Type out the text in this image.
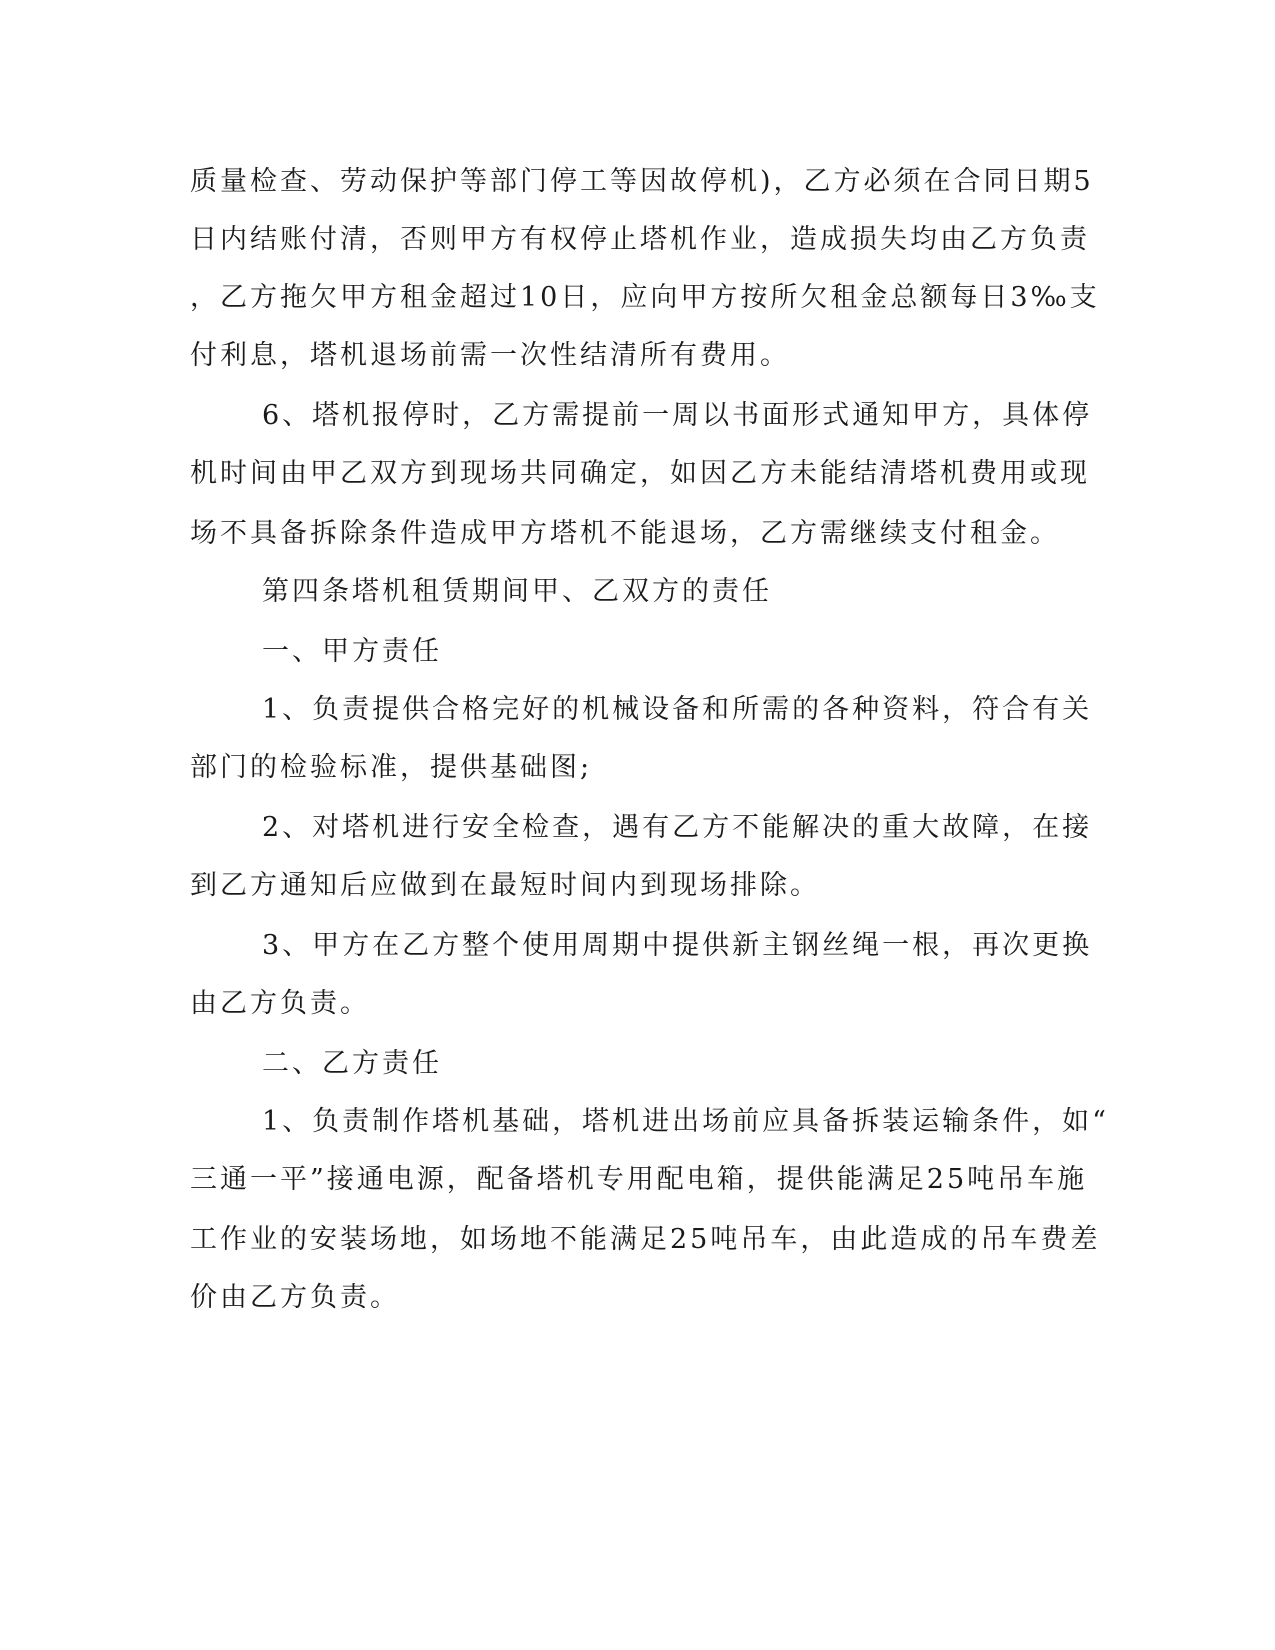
质量检查、劳动保护等部门停工等因故停机)，乙方必须在合同日期5
日内结账付清，否则甲方有权停止塔机作业，造成损失均由乙方负责
，乙方拖欠甲方租金超过10日，应向甲方按所欠租金总额每日3‰支
付利息，塔机退场前需一次性结清所有费用。
6、塔机报停时，乙方需提前一周以书面形式通知甲方，具体停
机时间由甲乙双方到现场共同确定，如因乙方未能结清塔机费用或现
场不具备拆除条件造成甲方塔机不能退场，乙方需继续支付租金。
第四条塔机租赁期间甲、乙双方的责任
一、甲方责任
1、负责提供合格完好的机械设备和所需的各种资料，符合有关
部门的检验标准，提供基础图;
2、对塔机进行安全检查，遇有乙方不能解决的重大故障，在接
到乙方通知后应做到在最短时间内到现场排除。
3、甲方在乙方整个使用周期中提供新主钢丝绳一根，再次更换
由乙方负责。
二、乙方责任
1、负责制作塔机基础，塔机进出场前应具备拆装运输条件，如“
三通一平”接通电源，配备塔机专用配电箱，提供能满足25吨吊车施
工作业的安装场地，如场地不能满足25吨吊车，由此造成的吊车费差
价由乙方负责。
